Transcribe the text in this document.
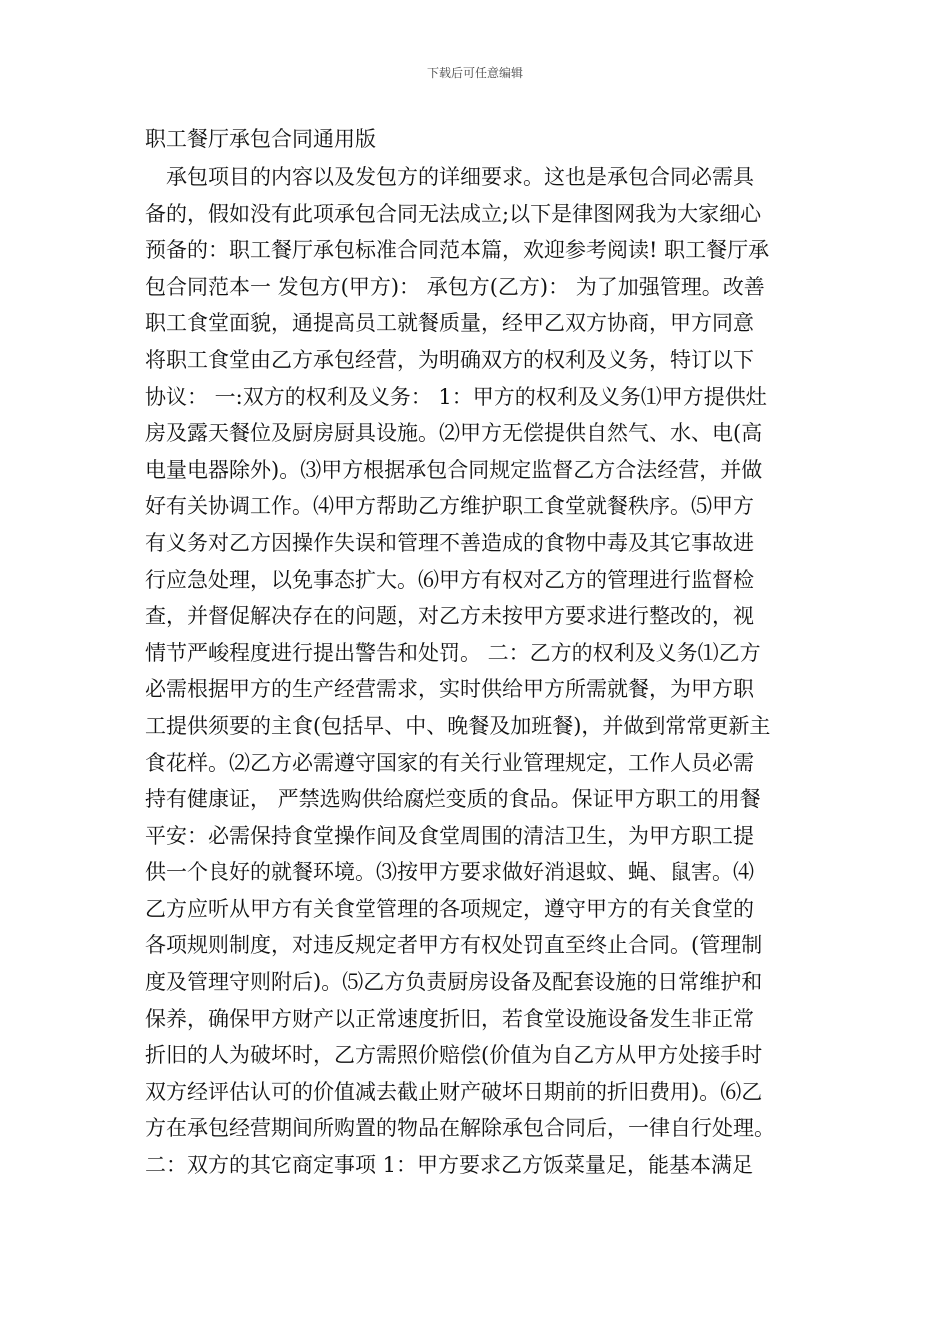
下载后可任意编辑
职工餐厅承包合同通用版
　承包项目的内容以及发包方的详细要求。这也是承包合同必需具
备的，假如没有此项承包合同无法成立;以下是律图网我为大家细心
预备的：职工餐厅承包标准合同范本篇，欢迎参考阅读! 职工餐厅承
包合同范本一 发包方(甲方)： 承包方(乙方)： 为了加强管理。改善
职工食堂面貌，通提高员工就餐质量，经甲乙双方协商，甲方同意
将职工食堂由乙方承包经营，为明确双方的权利及义务，特订以下
协议： 一:双方的权利及义务： 1：甲方的权利及义务⑴甲方提供灶
房及露天餐位及厨房厨具设施。⑵甲方无偿提供自然气、水、电(高
电量电器除外)。⑶甲方根据承包合同规定监督乙方合法经营，并做
好有关协调工作。⑷甲方帮助乙方维护职工食堂就餐秩序。⑸甲方
有义务对乙方因操作失误和管理不善造成的食物中毒及其它事故进
行应急处理，以免事态扩大。⑹甲方有权对乙方的管理进行监督检
查，并督促解决存在的问题，对乙方未按甲方要求进行整改的，视
情节严峻程度进行提出警告和处罚。 二：乙方的权利及义务⑴乙方
必需根据甲方的生产经营需求，实时供给甲方所需就餐，为甲方职
工提供须要的主食(包括早、中、晚餐及加班餐)，并做到常常更新主
食花样。⑵乙方必需遵守国家的有关行业管理规定，工作人员必需
持有健康证， 严禁选购供给腐烂变质的食品。保证甲方职工的用餐
平安：必需保持食堂操作间及食堂周围的清洁卫生，为甲方职工提
供一个良好的就餐环境。⑶按甲方要求做好消退蚊、蝇、鼠害。⑷
乙方应听从甲方有关食堂管理的各项规定，遵守甲方的有关食堂的
各项规则制度，对违反规定者甲方有权处罚直至终止合同。(管理制
度及管理守则附后)。⑸乙方负责厨房设备及配套设施的日常维护和
保养，确保甲方财产以正常速度折旧，若食堂设施设备发生非正常
折旧的人为破坏时，乙方需照价赔偿(价值为自乙方从甲方处接手时
双方经评估认可的价值减去截止财产破坏日期前的折旧费用)。⑹乙
方在承包经营期间所购置的物品在解除承包合同后，一律自行处理。
二：双方的其它商定事项 1：甲方要求乙方饭菜量足，能基本满足
